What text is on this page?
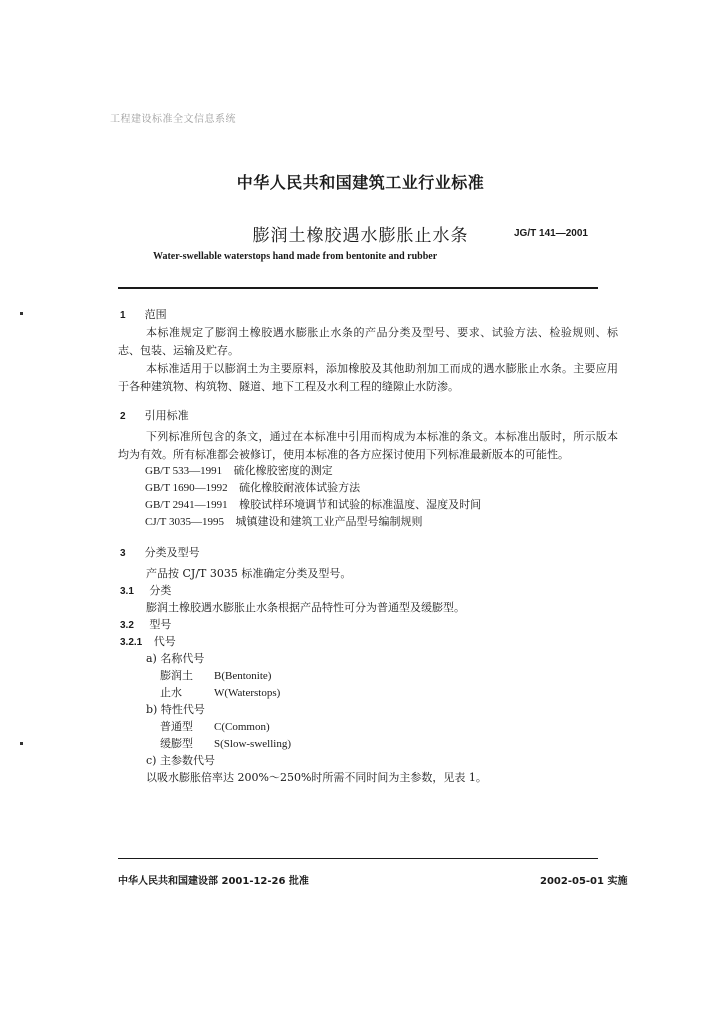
工程建设标准全文信息系统
中华人民共和国建筑工业行业标准
膨润土橡胶遇水膨胀止水条	JG/T 141—2001
Water-swellable waterstops hand made from bentonite and rubber
1 范围
本标准规定了膨润土橡胶遇水膨胀止水条的产品分类及型号、要求、试验方法、检验规则、标志、包装、运输及贮存。
本标准适用于以膨润土为主要原料，添加橡胶及其他助剂加工而成的遇水膨胀止水条。主要应用于各种建筑物、构筑物、隧道、地下工程及水利工程的缝隙止水防渗。
2 引用标准
下列标准所包含的条文，通过在本标准中引用而构成为本标准的条文。本标准出版时，所示版本均为有效。所有标准都会被修订，使用本标准的各方应探讨使用下列标准最新版本的可能性。
GB/T 533—1991 硫化橡胶密度的测定
GB/T 1690—1992 硫化橡胶耐液体试验方法
GB/T 2941—1991 橡胶试样环境调节和试验的标准温度、湿度及时间
CJ/T 3035—1995 城镇建设和建筑工业产品型号编制规则
3 分类及型号
产品按 CJ/T 3035 标准确定分类及型号。
3.1 分类
膨润土橡胶遇水膨胀止水条根据产品特性可分为普通型及缓膨型。
3.2 型号
3.2.1 代号
a) 名称代号
膨润土 B(Bentonite)
止水	W(Waterstops)
b) 特性代号
普通型 C(Common)
缓膨型 S(Slow-swelling)
c) 主参数代号
以吸水膨胀倍率达 200%～250%时所需不同时间为主参数，见表 1。
中华人民共和国建设部 2001-12-26 批准	2002-05-01 实施
